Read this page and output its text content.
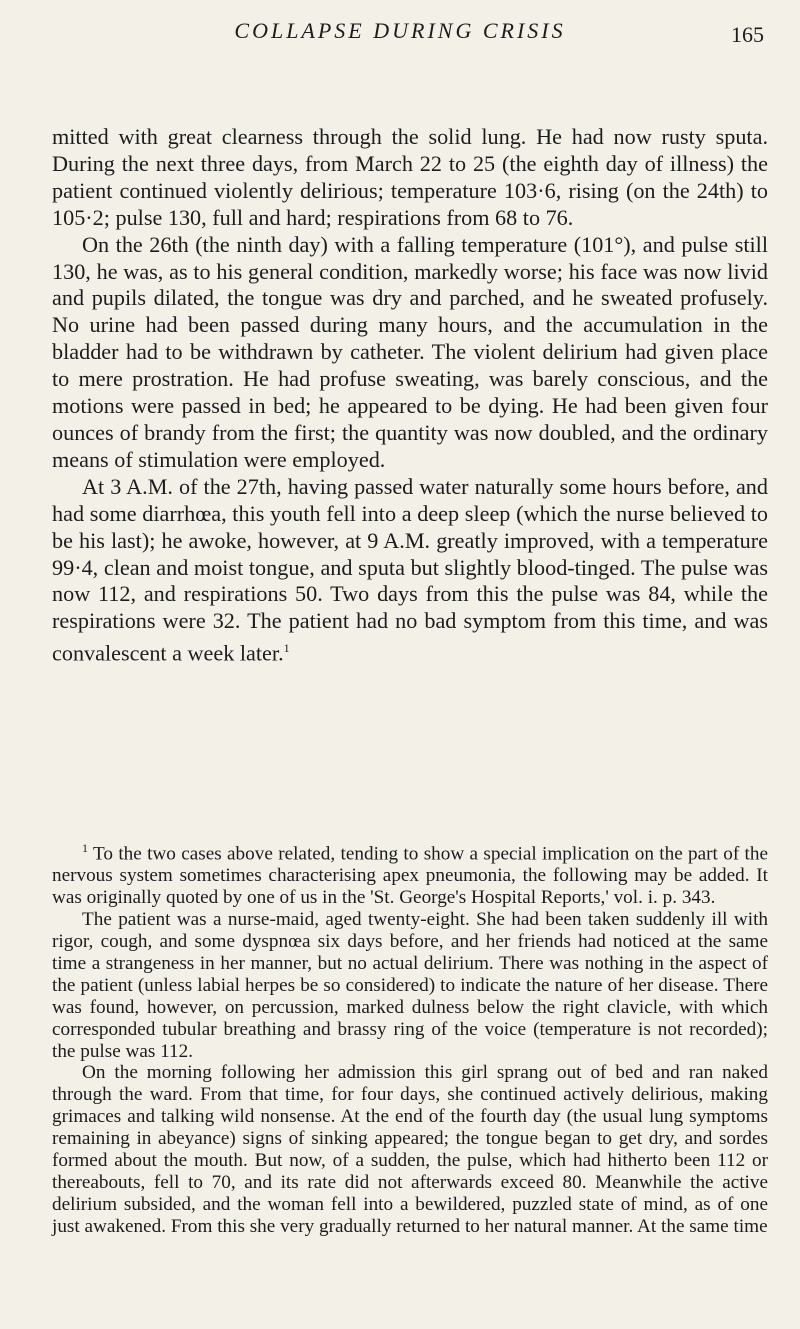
COLLAPSE DURING CRISIS	165

mitted with great clearness through the solid lung. He had now rusty sputa. During the next three days, from March 22 to 25 (the eighth day of illness) the patient continued violently delirious; temperature 103·6, rising (on the 24th) to 105·2; pulse 130, full and hard; respirations from 68 to 76.

On the 26th (the ninth day) with a falling temperature (101°), and pulse still 130, he was, as to his general condition, markedly worse; his face was now livid and pupils dilated, the tongue was dry and parched, and he sweated profusely. No urine had been passed during many hours, and the accumulation in the bladder had to be withdrawn by catheter. The violent delirium had given place to mere prostration. He had profuse sweating, was barely conscious, and the motions were passed in bed; he appeared to be dying. He had been given four ounces of brandy from the first; the quantity was now doubled, and the ordinary means of stimulation were employed.

At 3 A.M. of the 27th, having passed water naturally some hours before, and had some diarrhœa, this youth fell into a deep sleep (which the nurse believed to be his last); he awoke, however, at 9 A.M. greatly improved, with a temperature 99·4, clean and moist tongue, and sputa but slightly blood-tinged. The pulse was now 112, and respirations 50. Two days from this the pulse was 84, while the respirations were 32. The patient had no bad symptom from this time, and was convalescent a week later.$^1$

$^1$ To the two cases above related, tending to show a special implication on the part of the nervous system sometimes characterising apex pneumonia, the following may be added. It was originally quoted by one of us in the 'St. George's Hospital Reports,' vol. i. p. 343.

The patient was a nurse-maid, aged twenty-eight. She had been taken suddenly ill with rigor, cough, and some dyspnœa six days before, and her friends had noticed at the same time a strangeness in her manner, but no actual delirium. There was nothing in the aspect of the patient (unless labial herpes be so considered) to indicate the nature of her disease. There was found, however, on percussion, marked dulness below the right clavicle, with which corresponded tubular breathing and brassy ring of the voice (temperature is not recorded); the pulse was 112.

On the morning following her admission this girl sprang out of bed and ran naked through the ward. From that time, for four days, she continued actively delirious, making grimaces and talking wild nonsense. At the end of the fourth day (the usual lung symptoms remaining in abeyance) signs of sinking appeared; the tongue began to get dry, and sordes formed about the mouth. But now, of a sudden, the pulse, which had hitherto been 112 or thereabouts, fell to 70, and its rate did not afterwards exceed 80. Meanwhile the active delirium subsided, and the woman fell into a bewildered, puzzled state of mind, as of one just awakened. From this she very gradually returned to her natural manner. At the same time
